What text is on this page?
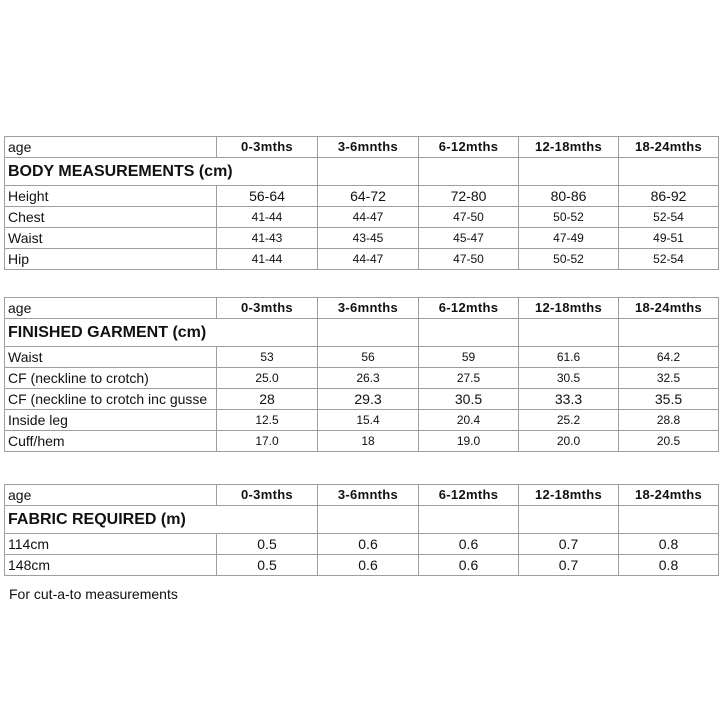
age	0-3mths	3-6mnths	6-12mths	12-18mths	18-24mths
BODY MEASUREMENTS (cm)					
Height	56-64	64-72	72-80	80-86	86-92
Chest	41-44	44-47	47-50	50-52	52-54
Waist	41-43	43-45	45-47	47-49	49-51
Hip	41-44	44-47	47-50	50-52	52-54
age	0-3mths	3-6mnths	6-12mths	12-18mths	18-24mths
FINISHED GARMENT (cm)					
Waist	53	56	59	61.6	64.2
CF (neckline to crotch)	25.0	26.3	27.5	30.5	32.5
CF (neckline to crotch inc gusse	28	29.3	30.5	33.3	35.5
Inside leg	12.5	15.4	20.4	25.2	28.8
Cuff/hem	17.0	18	19.0	20.0	20.5
age	0-3mths	3-6mnths	6-12mths	12-18mths	18-24mths
FABRIC REQUIRED (m)					
114cm	0.5	0.6	0.6	0.7	0.8
148cm	0.5	0.6	0.6	0.7	0.8
For cut-a-to measurements
